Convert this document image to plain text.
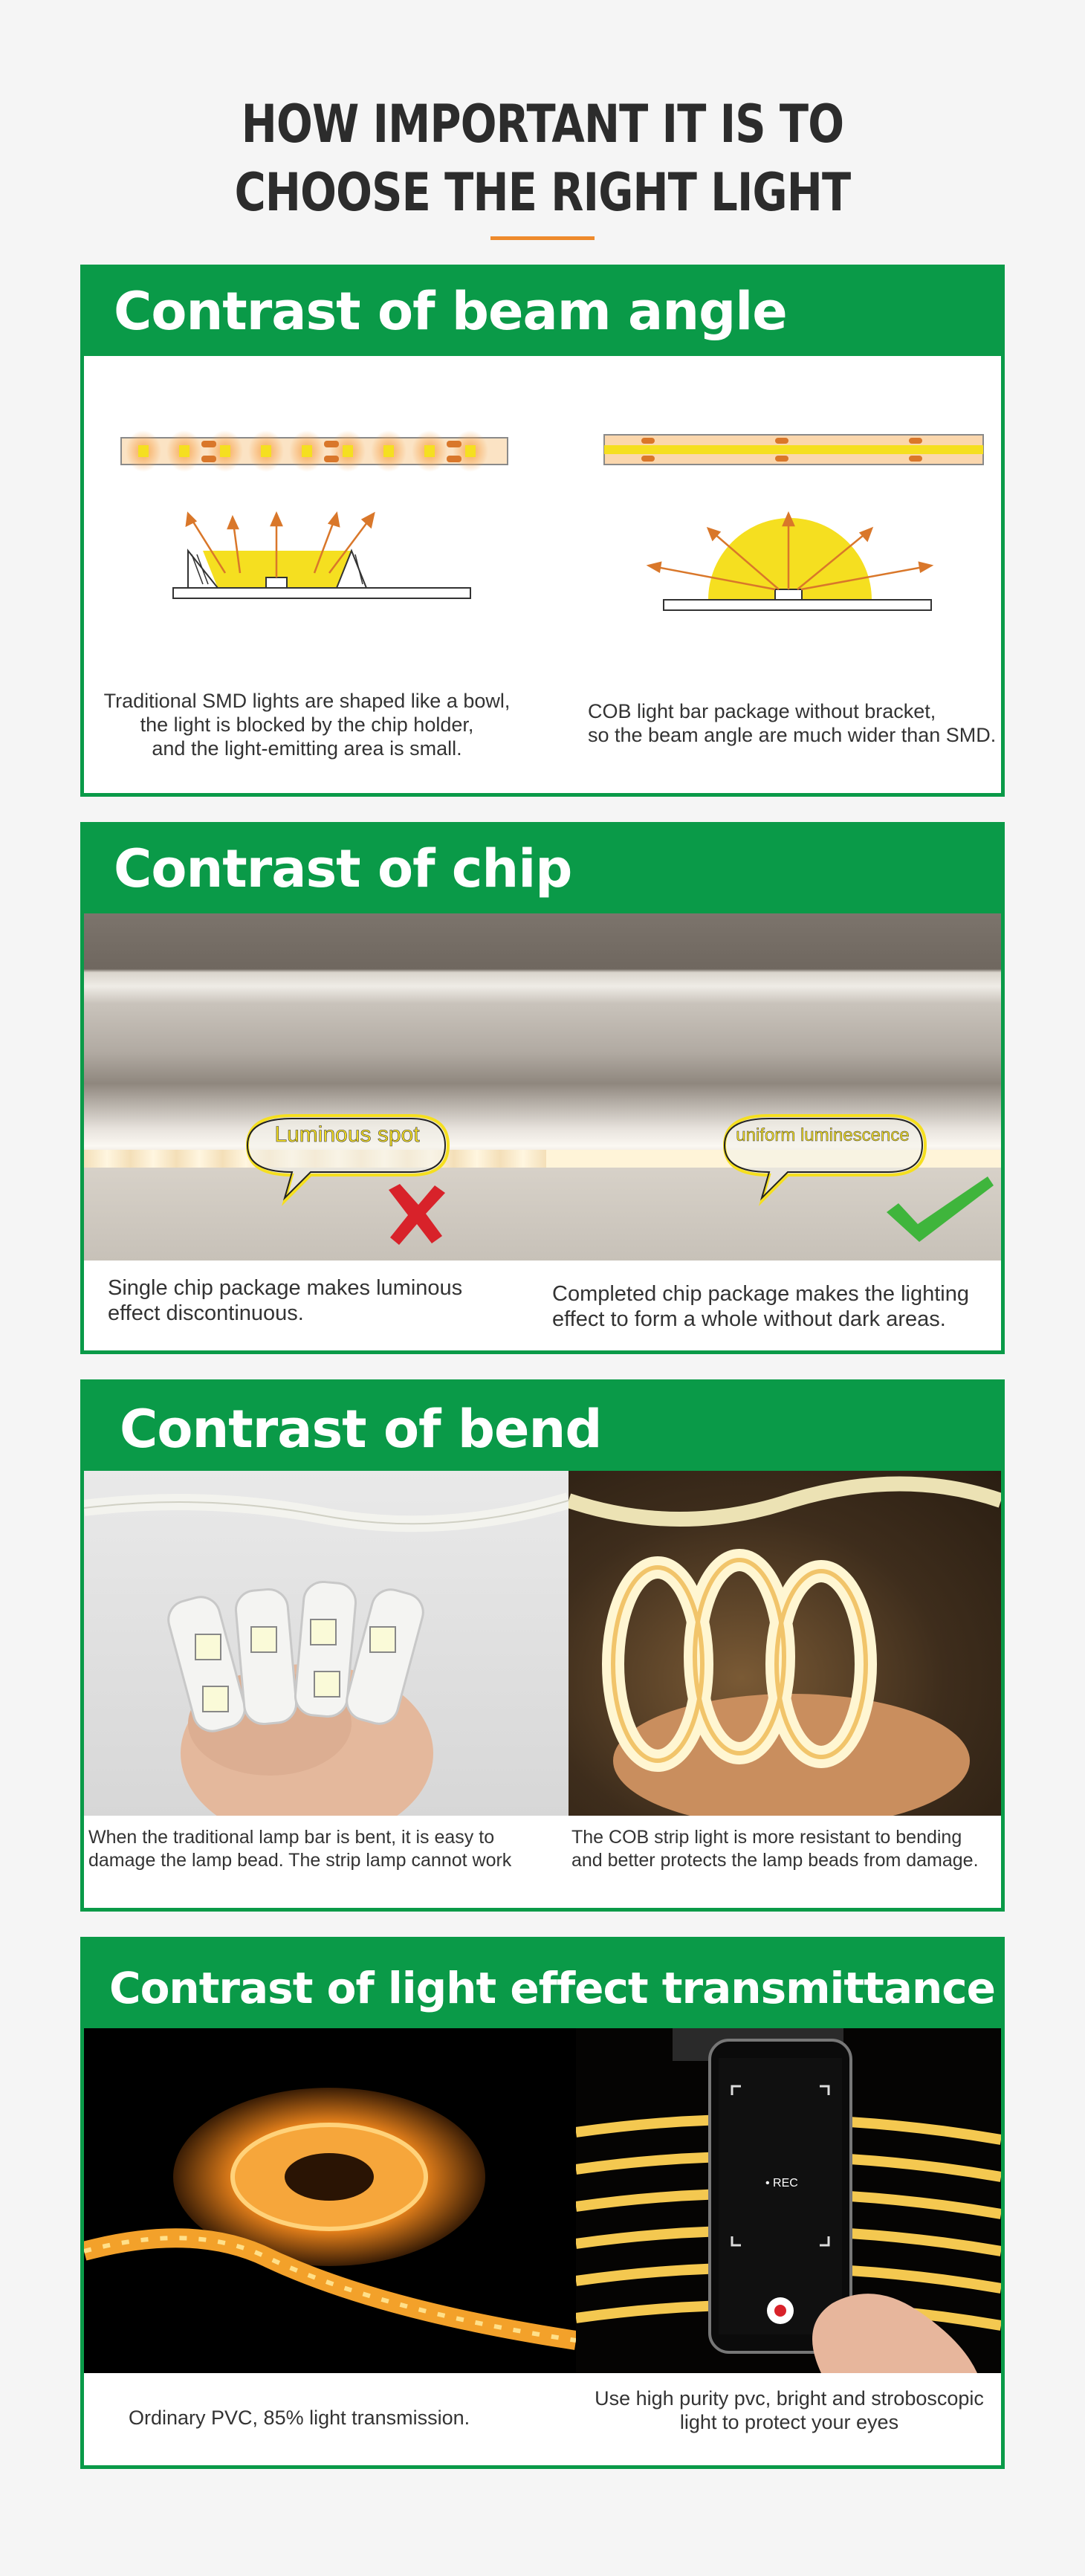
HOW IMPORTANT IT IS TO
CHOOSE THE RIGHT LIGHT
Contrast of beam angle
Traditional SMD lights are shaped like a bowl,
the light is blocked by the chip holder,
and the light-emitting area is small.
COB light bar package without bracket,
so the beam angle are much wider than SMD.
Contrast of chip
Luminous spot	uniform luminescence
Single chip package makes luminous
effect discontinuous.
Completed chip package makes the lighting
effect to form a whole without dark areas.
Contrast of bend
When the traditional lamp bar is bent, it is easy to
damage the lamp bead. The strip lamp cannot work
The COB strip light is more resistant to bending
and better protects the lamp beads from damage.
Contrast of light effect transmittance
• REC
Ordinary PVC, 85% light transmission.
Use high purity pvc, bright and stroboscopic
light to protect your eyes
